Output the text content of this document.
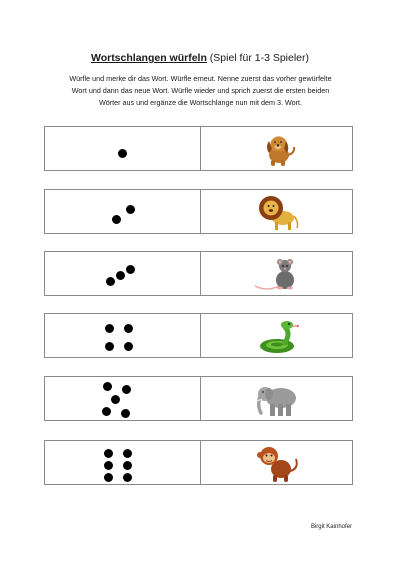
Wortschlangen würfeln (Spiel für 1-3 Spieler)

Würfle und merke dir das Wort. Würfle erneut. Nenne zuerst das vorher gewürfelte

Wort und dann das neue Wort. Würfle wieder und sprich zuerst die ersten beiden

Wörter aus und ergänze die Wortschlange nun mit dem 3. Wort.

Birgit Kainhofer
